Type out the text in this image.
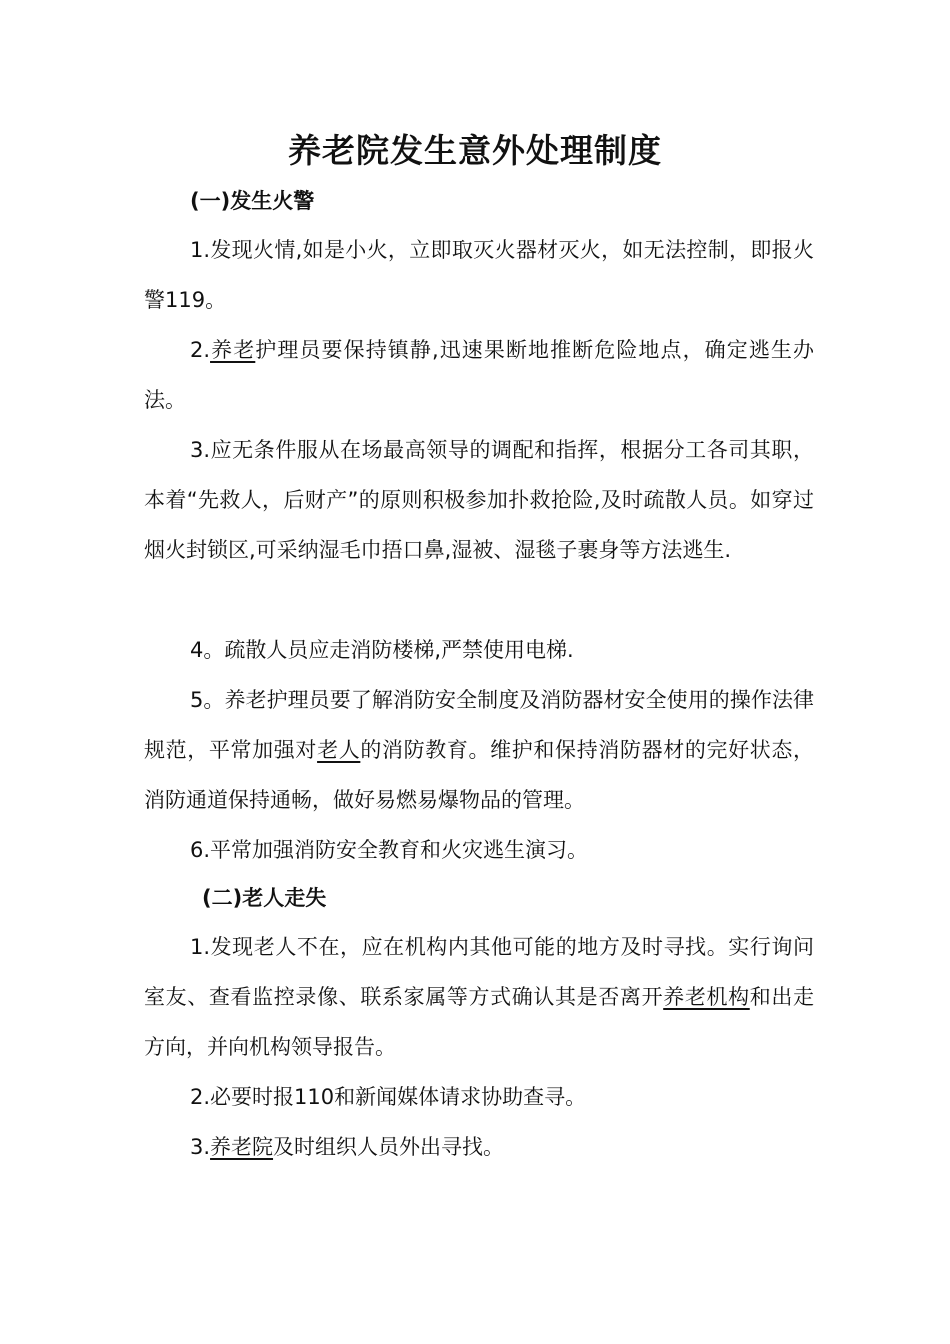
养老院发生意外处理制度
(一)发生火警

1.发现火情,如是小火，立即取灭火器材灭火，如无法控制，即报火警119。

2.养老护理员要保持镇静,迅速果断地推断危险地点，确定逃生办法。

3.应无条件服从在场最高领导的调配和指挥，根据分工各司其职，本着“先救人，后财产”的原则积极参加扑救抢险,及时疏散人员。如穿过烟火封锁区,可采纳湿毛巾捂口鼻,湿被、湿毯子裹身等方法逃生.

4。疏散人员应走消防楼梯,严禁使用电梯.

5。养老护理员要了解消防安全制度及消防器材安全使用的操作法律规范，平常加强对老人的消防教育。维护和保持消防器材的完好状态，消防通道保持通畅，做好易燃易爆物品的管理。

6.平常加强消防安全教育和火灾逃生演习。

(二)老人走失

1.发现老人不在，应在机构内其他可能的地方及时寻找。实行询问室友、查看监控录像、联系家属等方式确认其是否离开养老机构和出走方向，并向机构领导报告。

2.必要时报110和新闻媒体请求协助查寻。

3.养老院及时组织人员外出寻找。
